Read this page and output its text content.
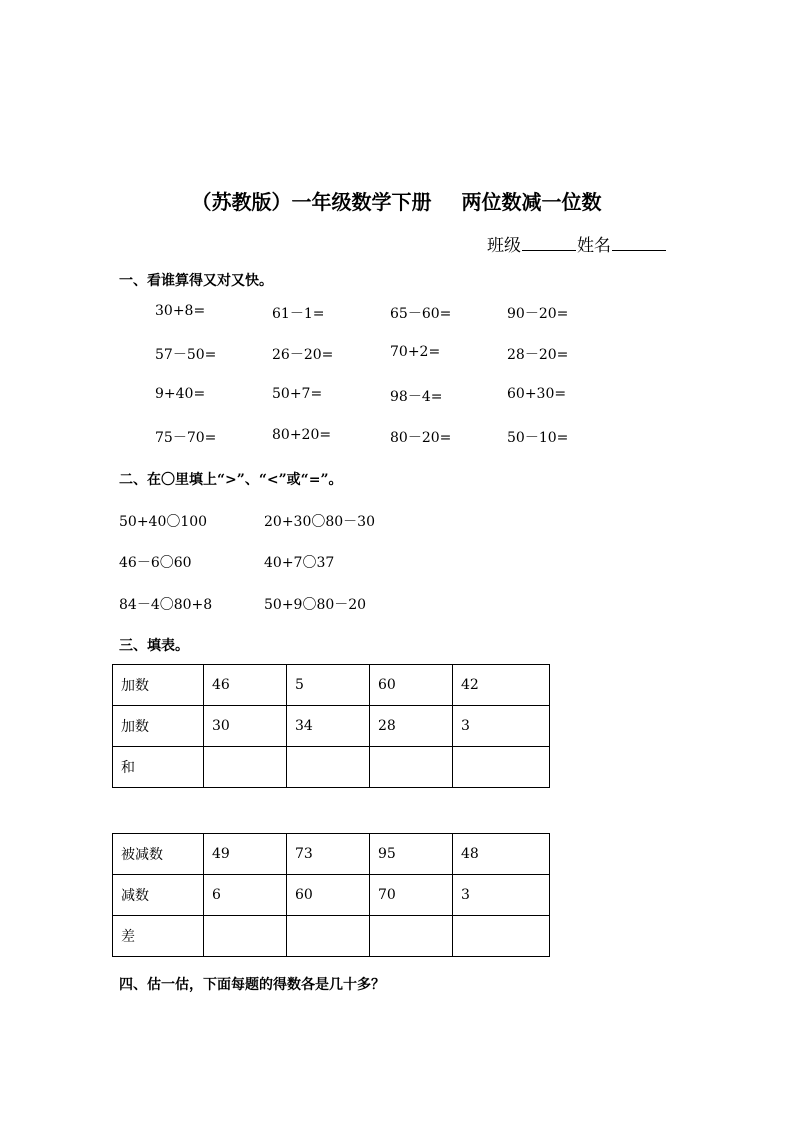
（苏教版）一年级数学下册 两位数减一位数
班级	姓名
一、看谁算得又对又快。
30+8=	61－1=	65－60=	90－20=
57－50=	26－20=	70+2=	28－20=
9+40=	50+7=	98－4=	60+30=
75－70=	80+20=	80－20=	50－10=
二、在〇里填上“>”、“<”或“=”。
50+40〇100	20+30〇80－30
46－6〇60	40+7〇37
84－4〇80+8	50+9〇80－20
三、填表。
加数	46	5	60	42
加数	30	34	28	3
和				
被减数	49	73	95	48
减数	6	60	70	3
差				
四、估一估，下面每题的得数各是几十多？
